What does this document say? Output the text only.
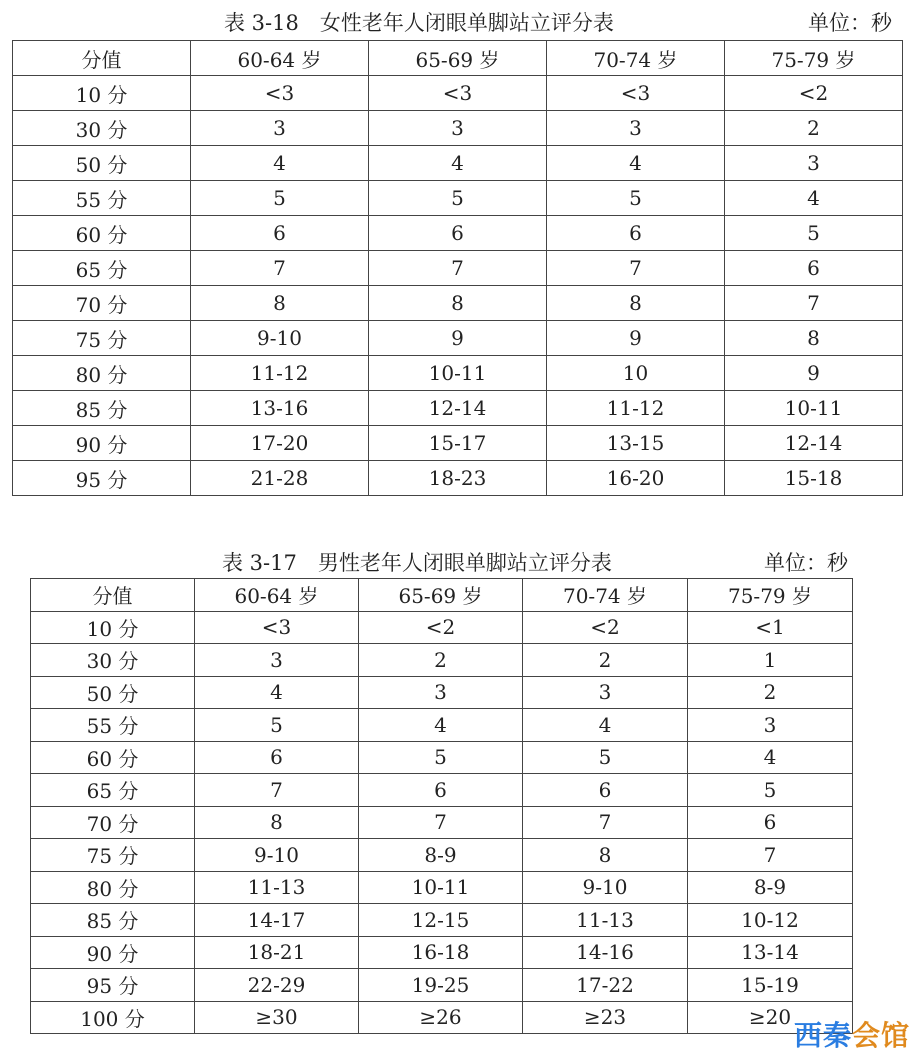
表 3-18　女性老年人闭眼单脚站立评分表	单位：秒
分值	60-64 岁	65-69 岁	70-74 岁	75-79 岁
10 分	<3	<3	<3	<2
30 分	3	3	3	2
50 分	4	4	4	3
55 分	5	5	5	4
60 分	6	6	6	5
65 分	7	7	7	6
70 分	8	8	8	7
75 分	9-10	9	9	8
80 分	11-12	10-11	10	9
85 分	13-16	12-14	11-12	10-11
90 分	17-20	15-17	13-15	12-14
95 分	21-28	18-23	16-20	15-18
表 3-17　男性老年人闭眼单脚站立评分表	单位：秒
分值	60-64 岁	65-69 岁	70-74 岁	75-79 岁
10 分	<3	<2	<2	<1
30 分	3	2	2	1
50 分	4	3	3	2
55 分	5	4	4	3
60 分	6	5	5	4
65 分	7	6	6	5
70 分	8	7	7	6
75 分	9-10	8-9	8	7
80 分	11-13	10-11	9-10	8-9
85 分	14-17	12-15	11-13	10-12
90 分	18-21	16-18	14-16	13-14
95 分	22-29	19-25	17-22	15-19
100 分	≥30	≥26	≥23	≥20
西秦会馆
